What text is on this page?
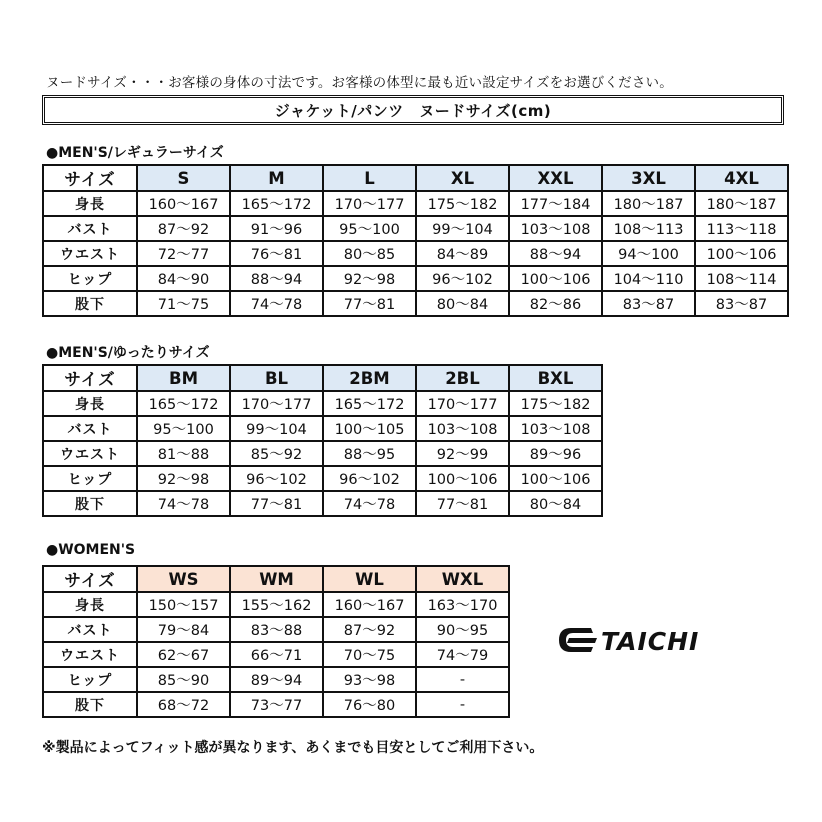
ヌードサイズ・・・お客様の身体の寸法です。お客様の体型に最も近い設定サイズをお選びください。
ジャケット/パンツ　ヌードサイズ(cm)
●MEN'S/レギュラーサイズ
サイズ	S	M	L	XL	XXL	3XL	4XL
身長	160～167	165～172	170～177	175～182	177～184	180～187	180～187
バスト	87～92	91～96	95～100	99～104	103～108	108～113	113～118
ウエスト	72～77	76～81	80～85	84～89	88～94	94～100	100～106
ヒップ	84～90	88～94	92～98	96～102	100～106	104～110	108～114
股下	71～75	74～78	77～81	80～84	82～86	83～87	83～87
●MEN'S/ゆったりサイズ
サイズ	BM	BL	2BM	2BL	BXL
身長	165～172	170～177	165～172	170～177	175～182
バスト	95～100	99～104	100～105	103～108	103～108
ウエスト	81～88	85～92	88～95	92～99	89～96
ヒップ	92～98	96～102	96～102	100～106	100～106
股下	74～78	77～81	74～78	77～81	80～84
●WOMEN'S
サイズ	WS	WM	WL	WXL
身長	150～157	155～162	160～167	163～170
バスト	79～84	83～88	87～92	90～95
ウエスト	62～67	66～71	70～75	74～79
ヒップ	85～90	89～94	93～98	-
股下	68～72	73～77	76～80	-
TAICHI
※製品によってフィット感が異なります、あくまでも目安としてご利用下さい。
